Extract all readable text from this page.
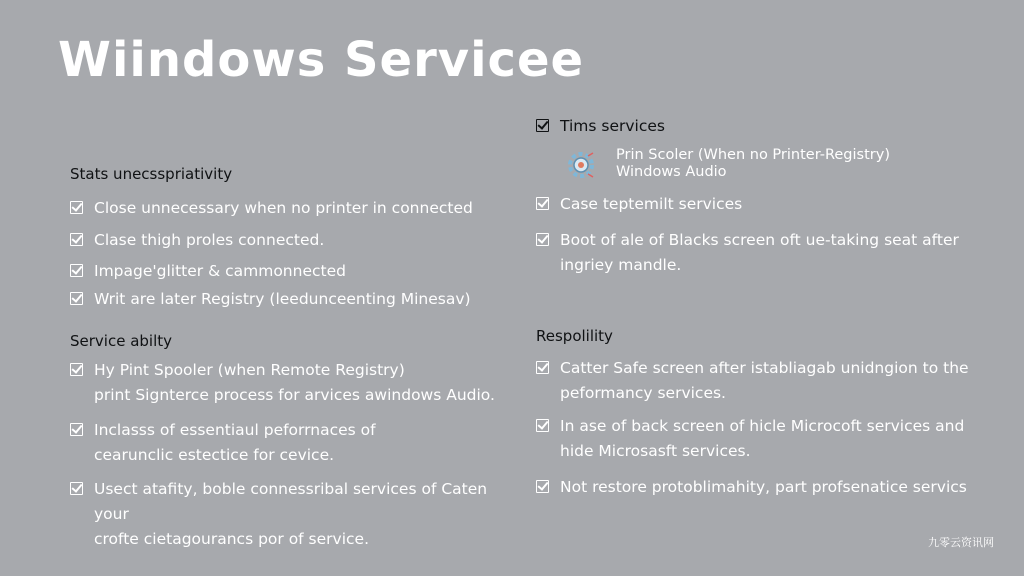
Wiindows Servicee
Stats unecsspriativity
Close unnecessary when no printer in connected
Clase thigh proles connected.
Impage'glitter & cammonnected
Writ are later Registry (leedunceenting Minesav)
Service abilty
Hy Pint Spooler (when Remote Registry)
print Signterce process for arvices awindows Audio.
Inclasss of essentiaul peforrnaces of
cearunclic estectice for cevice.
Usect atafity, boble connessribal services of Caten your
crofte cietagourancs por of service.
Tims services
Prin Scoler (When no Printer-Registry)
Windows Audio
Case teptemilt services
Boot of ale of Blacks screen oft ue-taking seat after
ingriey mandle.
Respolility
Catter Safe screen after istabliagab unidngion to the
peformancy services.
In ase of back screen of hicle Microcoft services and
hide Microsasft services.
Not restore protoblimahity, part profsenatice servics
九零云资讯网
